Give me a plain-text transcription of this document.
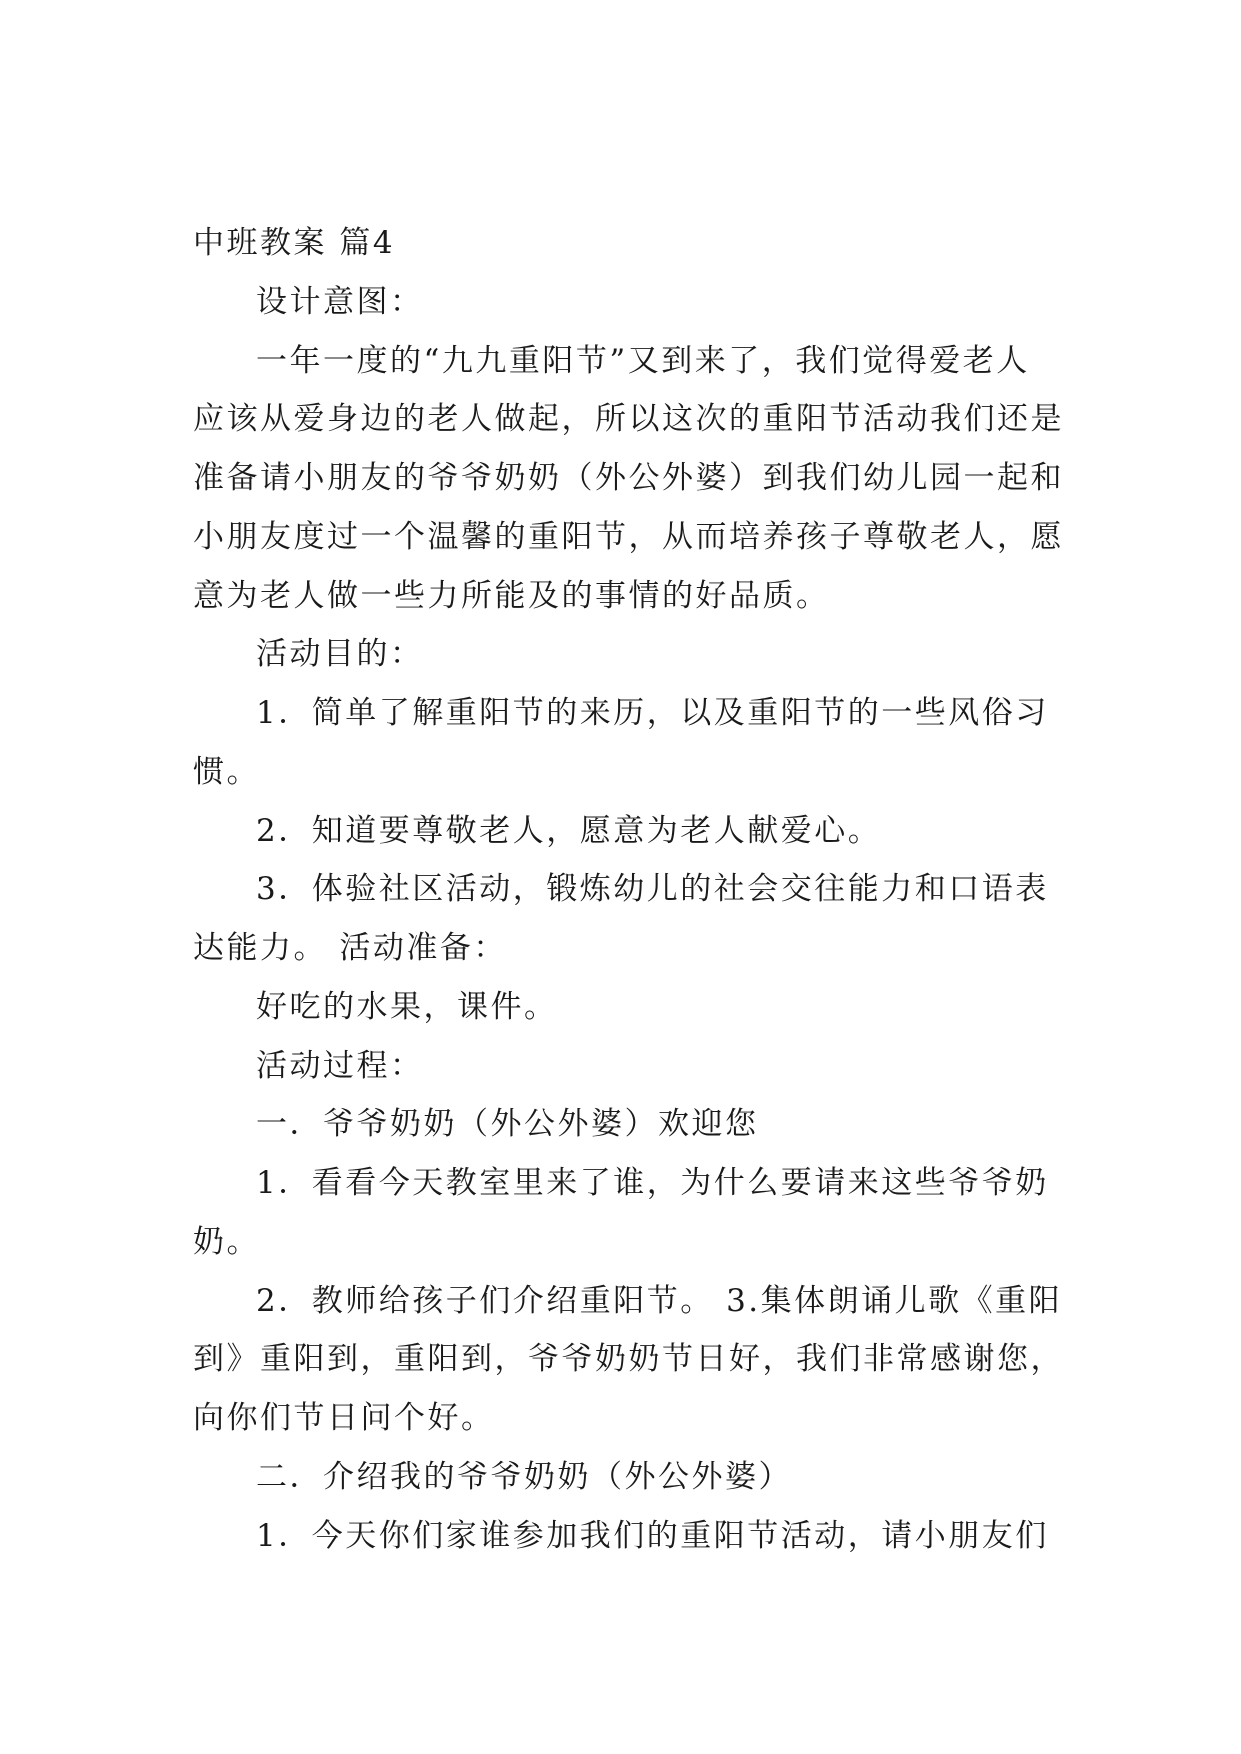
中班教案 篇4
设计意图：
一年一度的“九九重阳节”又到来了，我们觉得爱老人
应该从爱身边的老人做起，所以这次的重阳节活动我们还是
准备请小朋友的爷爷奶奶（外公外婆）到我们幼儿园一起和
小朋友度过一个温馨的重阳节，从而培养孩子尊敬老人，愿
意为老人做一些力所能及的事情的好品质。
活动目的：
1．简单了解重阳节的来历，以及重阳节的一些风俗习
惯。
2．知道要尊敬老人，愿意为老人献爱心。
3．体验社区活动，锻炼幼儿的社会交往能力和口语表
达能力。 活动准备：
好吃的水果，课件。
活动过程：
一．爷爷奶奶（外公外婆）欢迎您
1．看看今天教室里来了谁，为什么要请来这些爷爷奶
奶。
2．教师给孩子们介绍重阳节。 3.集体朗诵儿歌《重阳
到》重阳到，重阳到，爷爷奶奶节日好，我们非常感谢您，
向你们节日问个好。
二．介绍我的爷爷奶奶（外公外婆）
1．今天你们家谁参加我们的重阳节活动，请小朋友们
